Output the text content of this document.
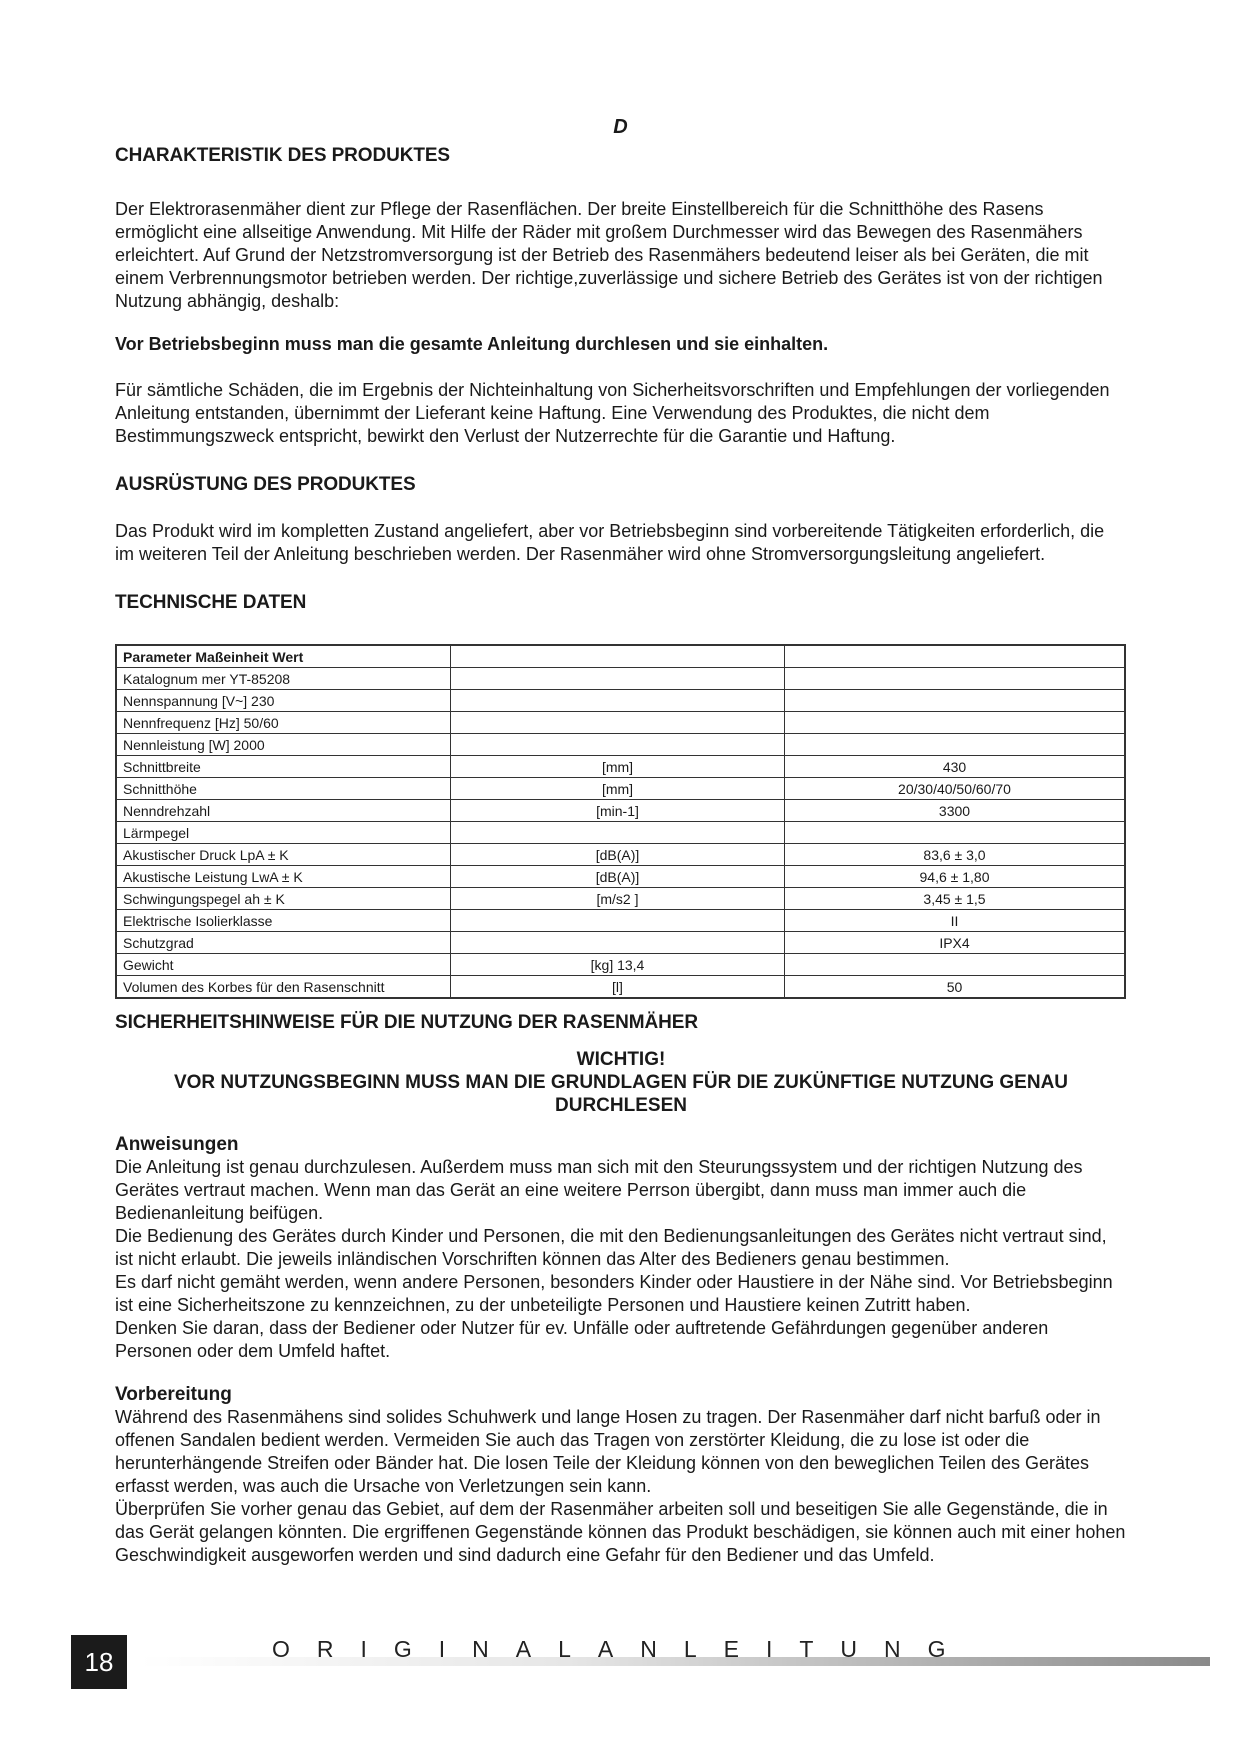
D
CHARAKTERISTIK DES PRODUKTES

Der Elektrorasenmäher dient zur Pflege der Rasenflächen. Der breite Einstellbereich für die Schnitthöhe des Rasens ermöglicht eine allseitige Anwendung. Mit Hilfe der Räder mit großem Durchmesser wird das Bewegen des Rasenmähers erleichtert. Auf Grund der Netzstromversorgung ist der Betrieb des Rasenmähers bedeutend leiser als bei Geräten, die mit einem Verbrennungsmotor betrieben werden. Der richtige,zuverlässige und sichere Betrieb des Gerätes ist von der richtigen Nutzung abhängig, deshalb:

Vor Betriebsbeginn muss man die gesamte Anleitung durchlesen und sie einhalten.

Für sämtliche Schäden, die im Ergebnis der Nichteinhaltung von Sicherheitsvorschriften und Empfehlungen der vorliegenden Anleitung entstanden, übernimmt der Lieferant keine Haftung. Eine Verwendung des Produktes, die nicht dem Bestimmungszweck entspricht, bewirkt den Verlust der Nutzerrechte für die Garantie und Haftung.

AUSRÜSTUNG DES PRODUKTES

Das Produkt wird im kompletten Zustand angeliefert, aber vor Betriebsbeginn sind vorbereitende Tätigkeiten erforderlich, die im weiteren Teil der Anleitung beschrieben werden. Der Rasenmäher wird ohne Stromversorgungsleitung angeliefert.

TECHNISCHE DATEN
Parameter Maßeinheit Wert		
Katalognum mer YT-85208		
Nennspannung [V~] 230		
Nennfrequenz [Hz] 50/60		
Nennleistung [W] 2000		
Schnittbreite	[mm]	430
Schnitthöhe	[mm]	20/30/40/50/60/70
Nenndrehzahl	[min-1]	3300
Lärmpegel		
Akustischer Druck LpA ± K	[dB(A)]	83,6 ± 3,0
Akustische Leistung LwA ± K	[dB(A)]	94,6 ± 1,80
Schwingungspegel ah ± K	[m/s2 ]	3,45 ± 1,5
Elektrische Isolierklasse		II
Schutzgrad		IPX4
Gewicht	[kg] 13,4	
Volumen des Korbes für den Rasenschnitt	[l]	50
SICHERHEITSHINWEISE FÜR DIE NUTZUNG DER RASENMÄHER
WICHTIG!
VOR NUTZUNGSBEGINN MUSS MAN DIE GRUNDLAGEN FÜR DIE ZUKÜNFTIGE NUTZUNG GENAU DURCHLESEN
Anweisungen

Die Anleitung ist genau durchzulesen. Außerdem muss man sich mit den Steurungssystem und der richtigen Nutzung des Gerätes vertraut machen. Wenn man das Gerät an eine weitere Perrson übergibt, dann muss man immer auch die Bedienanleitung beifügen.

Die Bedienung des Gerätes durch Kinder und Personen, die mit den Bedienungsanleitungen des Gerätes nicht vertraut sind, ist nicht erlaubt. Die jeweils inländischen Vorschriften können das Alter des Bedieners genau bestimmen.

Es darf nicht gemäht werden, wenn andere Personen, besonders Kinder oder Haustiere in der Nähe sind. Vor Betriebsbeginn ist eine Sicherheitszone zu kennzeichnen, zu der unbeteiligte Personen und Haustiere keinen Zutritt haben.

Denken Sie daran, dass der Bediener oder Nutzer für ev. Unfälle oder auftretende Gefährdungen gegenüber anderen Personen oder dem Umfeld haftet.

Vorbereitung

Während des Rasenmähens sind solides Schuhwerk und lange Hosen zu tragen. Der Rasenmäher darf nicht barfuß oder in offenen Sandalen bedient werden. Vermeiden Sie auch das Tragen von zerstörter Kleidung, die zu lose ist oder die herunterhängende Streifen oder Bänder hat. Die losen Teile der Kleidung können von den beweglichen Teilen des Gerätes erfasst werden, was auch die Ursache von Verletzungen sein kann.

Überprüfen Sie vorher genau das Gebiet, auf dem der Rasenmäher arbeiten soll und beseitigen Sie alle Gegenstände, die in das Gerät gelangen könnten. Die ergriffenen Gegenstände können das Produkt beschädigen, sie können auch mit einer hohen Geschwindigkeit ausgeworfen werden und sind dadurch eine Gefahr für den Bediener und das Umfeld.

18	ORIGINALANLEITUNG
